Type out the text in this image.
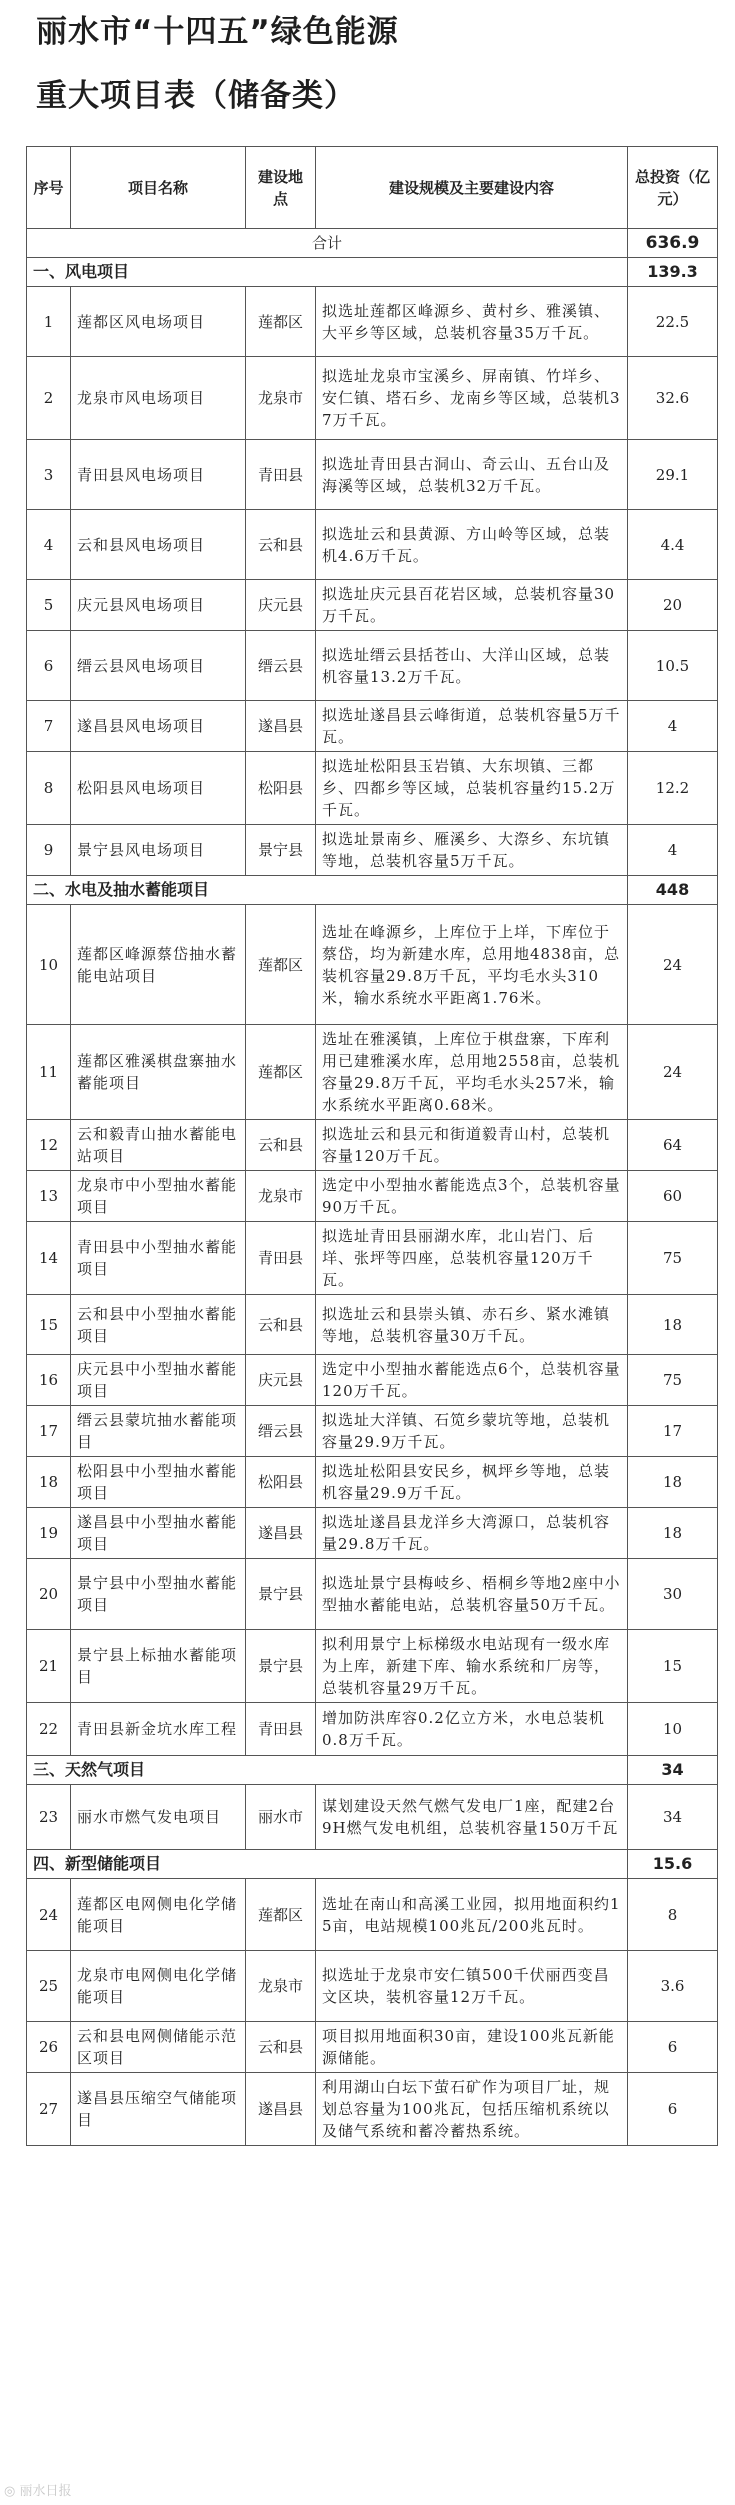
丽水市“十四五”绿色能源
重大项目表（储备类）
序号	项目名称	建设地点	建设规模及主要建设内容	总投资（亿元）
合计				636.9
一、风电项目				139.3
1	莲都区风电场项目	莲都区	拟选址莲都区峰源乡、黄村乡、雅溪镇、大平乡等区域，总装机容量35万千瓦。	22.5
2	龙泉市风电场项目	龙泉市	拟选址龙泉市宝溪乡、屏南镇、竹垟乡、安仁镇、塔石乡、龙南乡等区域，总装机37万千瓦。	32.6
3	青田县风电场项目	青田县	拟选址青田县古洞山、奇云山、五台山及海溪等区域，总装机32万千瓦。	29.1
4	云和县风电场项目	云和县	拟选址云和县黄源、方山岭等区域，总装机4.6万千瓦。	4.4
5	庆元县风电场项目	庆元县	拟选址庆元县百花岩区域，总装机容量30万千瓦。	20
6	缙云县风电场项目	缙云县	拟选址缙云县括苍山、大洋山区域，总装机容量13.2万千瓦。	10.5
7	遂昌县风电场项目	遂昌县	拟选址遂昌县云峰街道，总装机容量5万千瓦。	4
8	松阳县风电场项目	松阳县	拟选址松阳县玉岩镇、大东坝镇、三都乡、四都乡等区域，总装机容量约15.2万千瓦。	12.2
9	景宁县风电场项目	景宁县	拟选址景南乡、雁溪乡、大漈乡、东坑镇等地，总装机容量5万千瓦。	4
二、水电及抽水蓄能项目				448
10	莲都区峰源蔡岱抽水蓄能电站项目	莲都区	选址在峰源乡，上库位于上垟，下库位于蔡岱，均为新建水库，总用地4838亩，总装机容量29.8万千瓦，平均毛水头310米，输水系统水平距离1.76米。	24
11	莲都区雅溪棋盘寨抽水蓄能项目	莲都区	选址在雅溪镇，上库位于棋盘寨，下库利用已建雅溪水库，总用地2558亩，总装机容量29.8万千瓦，平均毛水头257米，输水系统水平距离0.68米。	24
12	云和毅青山抽水蓄能电站项目	云和县	拟选址云和县元和街道毅青山村，总装机容量120万千瓦。	64
13	龙泉市中小型抽水蓄能项目	龙泉市	选定中小型抽水蓄能选点3个，总装机容量90万千瓦。	60
14	青田县中小型抽水蓄能项目	青田县	拟选址青田县丽湖水库，北山岩门、后垟、张坪等四座，总装机容量120万千瓦。	75
15	云和县中小型抽水蓄能项目	云和县	拟选址云和县崇头镇、赤石乡、紧水滩镇等地，总装机容量30万千瓦。	18
16	庆元县中小型抽水蓄能项目	庆元县	选定中小型抽水蓄能选点6个，总装机容量120万千瓦。	75
17	缙云县蒙坑抽水蓄能项目	缙云县	拟选址大洋镇、石笕乡蒙坑等地，总装机容量29.9万千瓦。	17
18	松阳县中小型抽水蓄能项目	松阳县	拟选址松阳县安民乡，枫坪乡等地，总装机容量29.9万千瓦。	18
19	遂昌县中小型抽水蓄能项目	遂昌县	拟选址遂昌县龙洋乡大湾源口，总装机容量29.8万千瓦。	18
20	景宁县中小型抽水蓄能项目	景宁县	拟选址景宁县梅岐乡、梧桐乡等地2座中小型抽水蓄能电站，总装机容量50万千瓦。	30
21	景宁县上标抽水蓄能项目	景宁县	拟利用景宁上标梯级水电站现有一级水库为上库，新建下库、输水系统和厂房等，总装机容量29万千瓦。	15
22	青田县新金坑水库工程	青田县	增加防洪库容0.2亿立方米，水电总装机0.8万千瓦。	10
三、天然气项目				34
23	丽水市燃气发电项目	丽水市	谋划建设天然气燃气发电厂1座，配建2台9H燃气发电机组，总装机容量150万千瓦	34
四、新型储能项目				15.6
24	莲都区电网侧电化学储能项目	莲都区	选址在南山和高溪工业园，拟用地面积约15亩，电站规模100兆瓦/200兆瓦时。	8
25	龙泉市电网侧电化学储能项目	龙泉市	拟选址于龙泉市安仁镇500千伏丽西变昌文区块，装机容量12万千瓦。	3.6
26	云和县电网侧储能示范区项目	云和县	项目拟用地面积30亩，建设100兆瓦新能源储能。	6
27	遂昌县压缩空气储能项目	遂昌县	利用湖山白坛下萤石矿作为项目厂址，规划总容量为100兆瓦，包括压缩机系统以及储气系统和蓄冷蓄热系统。	6
◎ 丽水日报
